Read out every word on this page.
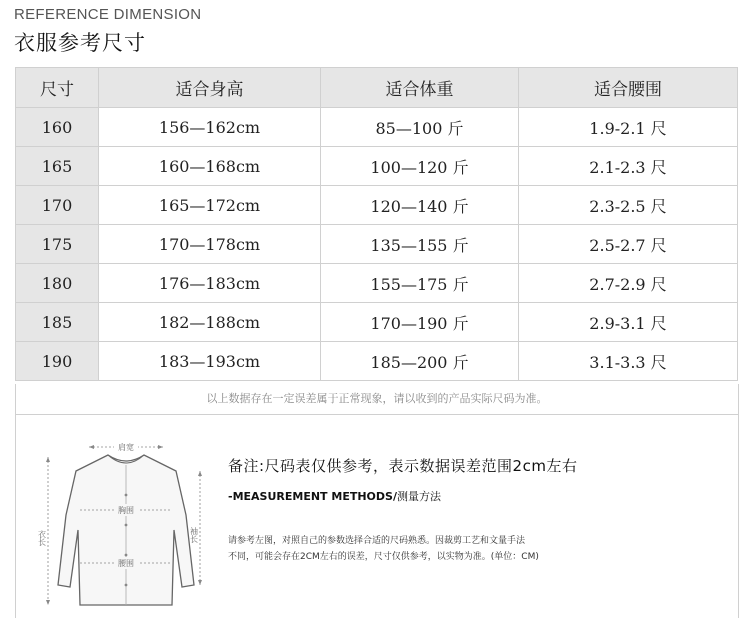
REFERENCE DIMENSION
衣服参考尺寸
尺寸	适合身高	适合体重	适合腰围
160	156—162cm	85—100 斤	1.9-2.1 尺
165	160—168cm	100—120 斤	2.1-2.3 尺
170	165—172cm	120—140 斤	2.3-2.5 尺
175	170—178cm	135—155 斤	2.5-2.7 尺
180	176—183cm	155—175 斤	2.7-2.9 尺
185	182—188cm	170—190 斤	2.9-3.1 尺
190	183—193cm	185—200 斤	3.1-3.3 尺
以上数据存在一定误差属于正常现象，请以收到的产品实际尺码为准。
肩宽
胸围
腰围
衣长	袖长
备注:尺码表仅供参考，表示数据误差范围2cm左右
-MEASUREMENT METHODS/测量方法
请参考左图，对照自己的参数选择合适的尺码熟悉。因裁剪工艺和文量手法
不同，可能会存在2CM左右的误差，尺寸仅供参考，以实物为准。(单位：CM)
